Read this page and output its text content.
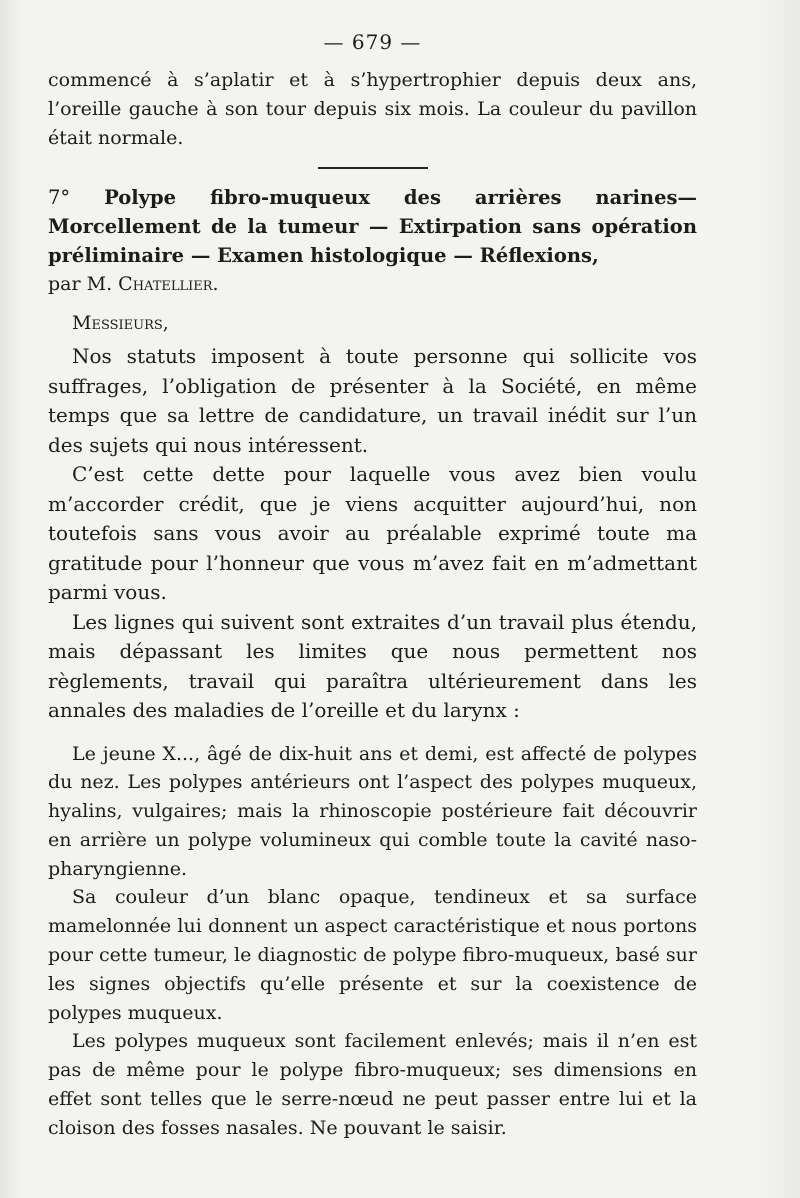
— 679 —

commencé à s’aplatir et à s’hypertrophier depuis deux ans, l’oreille gauche à son tour depuis six mois. La couleur du pavillon était normale.

7° Polype fibro-muqueux des arrières narines—Morcellement de la tumeur — Extirpation sans opération préliminaire — Examen histologique — Réflexions,

par M. Chatellier.

Messieurs,

Nos statuts imposent à toute personne qui sollicite vos suffrages, l’obligation de présenter à la Société, en même temps que sa lettre de candidature, un travail inédit sur l’un des sujets qui nous intéressent.

C’est cette dette pour laquelle vous avez bien voulu m’accorder crédit, que je viens acquitter aujourd’hui, non toutefois sans vous avoir au préalable exprimé toute ma gratitude pour l’honneur que vous m’avez fait en m’admettant parmi vous.

Les lignes qui suivent sont extraites d’un travail plus étendu, mais dépassant les limites que nous permettent nos règlements, travail qui paraîtra ultérieurement dans les annales des maladies de l’oreille et du larynx :

Le jeune X..., âgé de dix-huit ans et demi, est affecté de polypes du nez. Les polypes antérieurs ont l’aspect des polypes muqueux, hyalins, vulgaires; mais la rhinoscopie postérieure fait découvrir en arrière un polype volumineux qui comble toute la cavité naso-pharyngienne.

Sa couleur d’un blanc opaque, tendineux et sa surface mamelonnée lui donnent un aspect caractéristique et nous portons pour cette tumeur, le diagnostic de polype fibro-muqueux, basé sur les signes objectifs qu’elle présente et sur la coexistence de polypes muqueux.

Les polypes muqueux sont facilement enlevés; mais il n’en est pas de même pour le polype fibro-muqueux; ses dimensions en effet sont telles que le serre-nœud ne peut passer entre lui et la cloison des fosses nasales. Ne pouvant le saisir.
